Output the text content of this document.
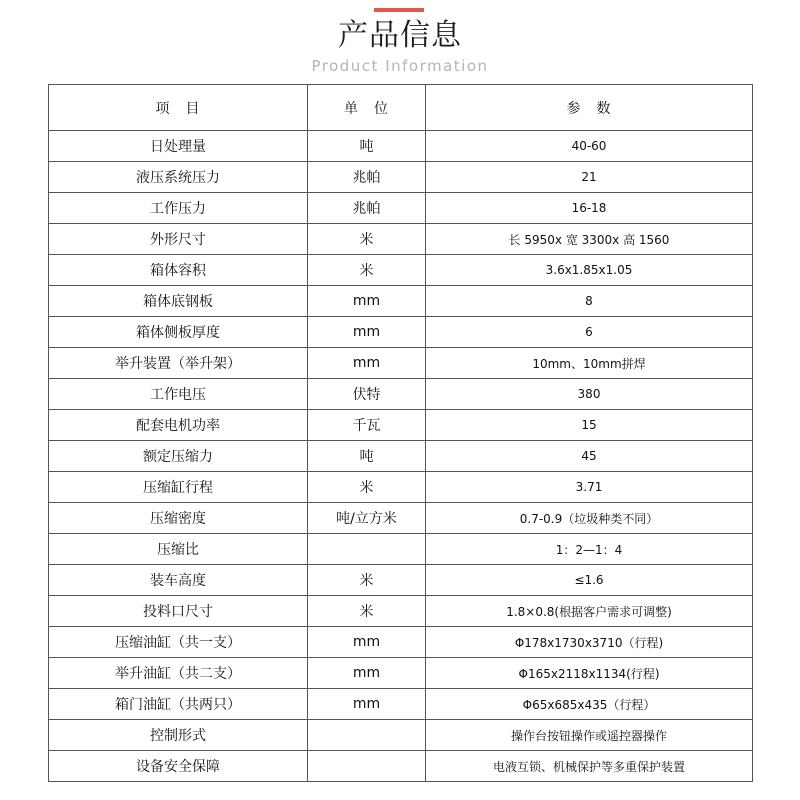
产品信息
Product Information
项　目	单　位	参　数
日处理量	吨	40-60
液压系统压力	兆帕	21
工作压力	兆帕	16-18
外形尺寸	米	长 5950x 宽 3300x 高 1560
箱体容积	米	3.6x1.85x1.05
箱体底钢板	mm	8
箱体侧板厚度	mm	6
举升装置（举升架）	mm	10mm、10mm拼焊
工作电压	伏特	380
配套电机功率	千瓦	15
额定压缩力	吨	45
压缩缸行程	米	3.71
压缩密度	吨/立方米	0.7-0.9（垃圾种类不同）
压缩比		1：2—1：4
装车高度	米	≤1.6
投料口尺寸	米	1.8×0.8(根据客户需求可调整)
压缩油缸（共一支）	mm	Φ178x1730x3710（行程)
举升油缸（共二支）	mm	Φ165x2118x1134(行程)
箱门油缸（共两只）	mm	Φ65x685x435（行程）
控制形式		操作台按钮操作或遥控器操作
设备安全保障		电液互锁、机械保护等多重保护装置
